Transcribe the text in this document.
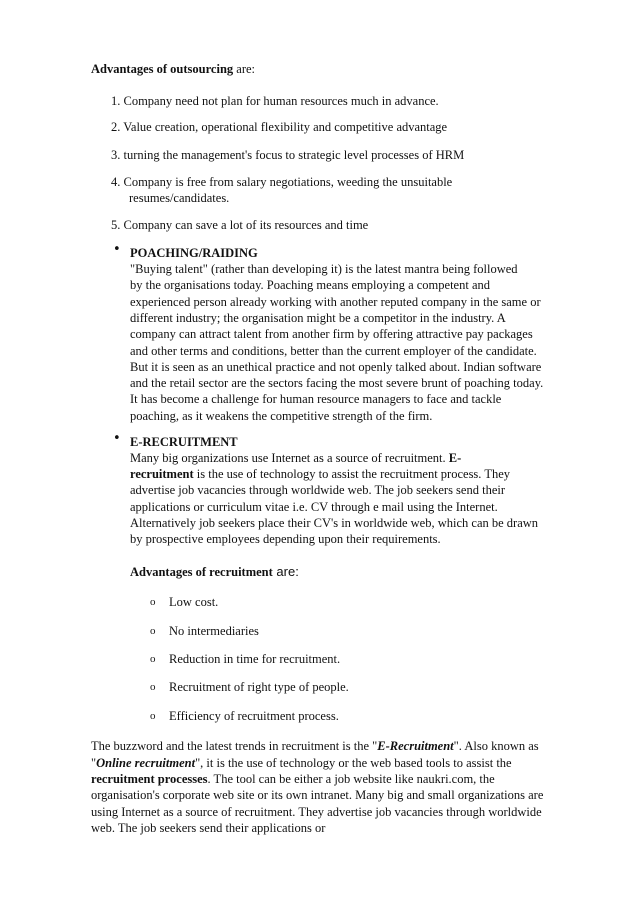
Advantages of outsourcing are:
1. Company need not plan for human resources much in advance.
2. Value creation, operational flexibility and competitive advantage
3. turning the management's focus to strategic level processes of HRM
4. Company is free from salary negotiations, weeding the unsuitable
resumes/candidates.
5. Company can save a lot of its resources and time
• POACHING/RAIDING
"Buying talent" (rather than developing it) is the latest mantra being followed
by the organisations today. Poaching means employing a competent and
experienced person already working with another reputed company in the same or
different industry; the organisation might be a competitor in the industry. A
company can attract talent from another firm by offering attractive pay packages
and other terms and conditions, better than the current employer of the candidate.
But it is seen as an unethical practice and not openly talked about. Indian software
and the retail sector are the sectors facing the most severe brunt of poaching today.
It has become a challenge for human resource managers to face and tackle
poaching, as it weakens the competitive strength of the firm.
• E-RECRUITMENT
Many big organizations use Internet as a source of recruitment. E-
recruitment is the use of technology to assist the recruitment process. They
advertise job vacancies through worldwide web. The job seekers send their
applications or curriculum vitae i.e. CV through e mail using the Internet.
Alternatively job seekers place their CV's in worldwide web, which can be drawn
by prospective employees depending upon their requirements.
Advantages of recruitment are:
o Low cost.
o No intermediaries
o Reduction in time for recruitment.
o Recruitment of right type of people.
o Efficiency of recruitment process.
The buzzword and the latest trends in recruitment is the "E-Recruitment". Also known as
"Online recruitment", it is the use of technology or the web based tools to assist the
recruitment processes. The tool can be either a job website like naukri.com, the
organisation's corporate web site or its own intranet. Many big and small organizations are
using Internet as a source of recruitment. They advertise job vacancies through worldwide
web. The job seekers send their applications or
